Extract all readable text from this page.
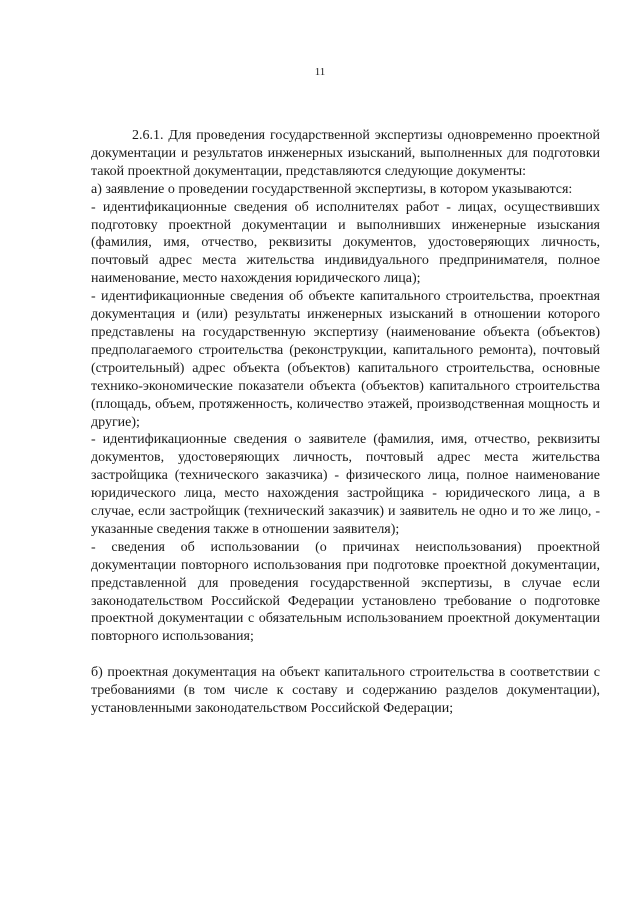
11

2.6.1. Для проведения государственной экспертизы одновременно проектной документации и результатов инженерных изысканий, выполненных для подготовки такой проектной документации, представляются следующие документы:

а) заявление о проведении государственной экспертизы, в котором указываются:

- идентификационные сведения об исполнителях работ - лицах, осуществивших подготовку проектной документации и выполнивших инженерные изыскания (фамилия, имя, отчество, реквизиты документов, удостоверяющих личность, почтовый адрес места жительства индивидуального предпринимателя, полное наименование, место нахождения юридического лица);

- идентификационные сведения об объекте капитального строительства, проектная документация и (или) результаты инженерных изысканий в отношении которого представлены на государственную экспертизу (наименование объекта (объектов) предполагаемого строительства (реконструкции, капитального ремонта), почтовый (строительный) адрес объекта (объектов) капитального строительства, основные технико-экономические показатели объекта (объектов) капитального строительства (площадь, объем, протяженность, количество этажей, производственная мощность и другие);

- идентификационные сведения о заявителе (фамилия, имя, отчество, реквизиты документов, удостоверяющих личность, почтовый адрес места жительства застройщика (технического заказчика) - физического лица, полное наименование юридического лица, место нахождения застройщика - юридического лица, а в случае, если застройщик (технический заказчик) и заявитель не одно и то же лицо, - указанные сведения также в отношении заявителя);

- сведения об использовании (о причинах неиспользования) проектной документации повторного использования при подготовке проектной документации, представленной для проведения государственной экспертизы, в случае если законодательством Российской Федерации установлено требование о подготовке проектной документации с обязательным использованием проектной документации повторного использования;

б) проектная документация на объект капитального строительства в соответствии с требованиями (в том числе к составу и содержанию разделов документации), установленными законодательством Российской Федерации;
